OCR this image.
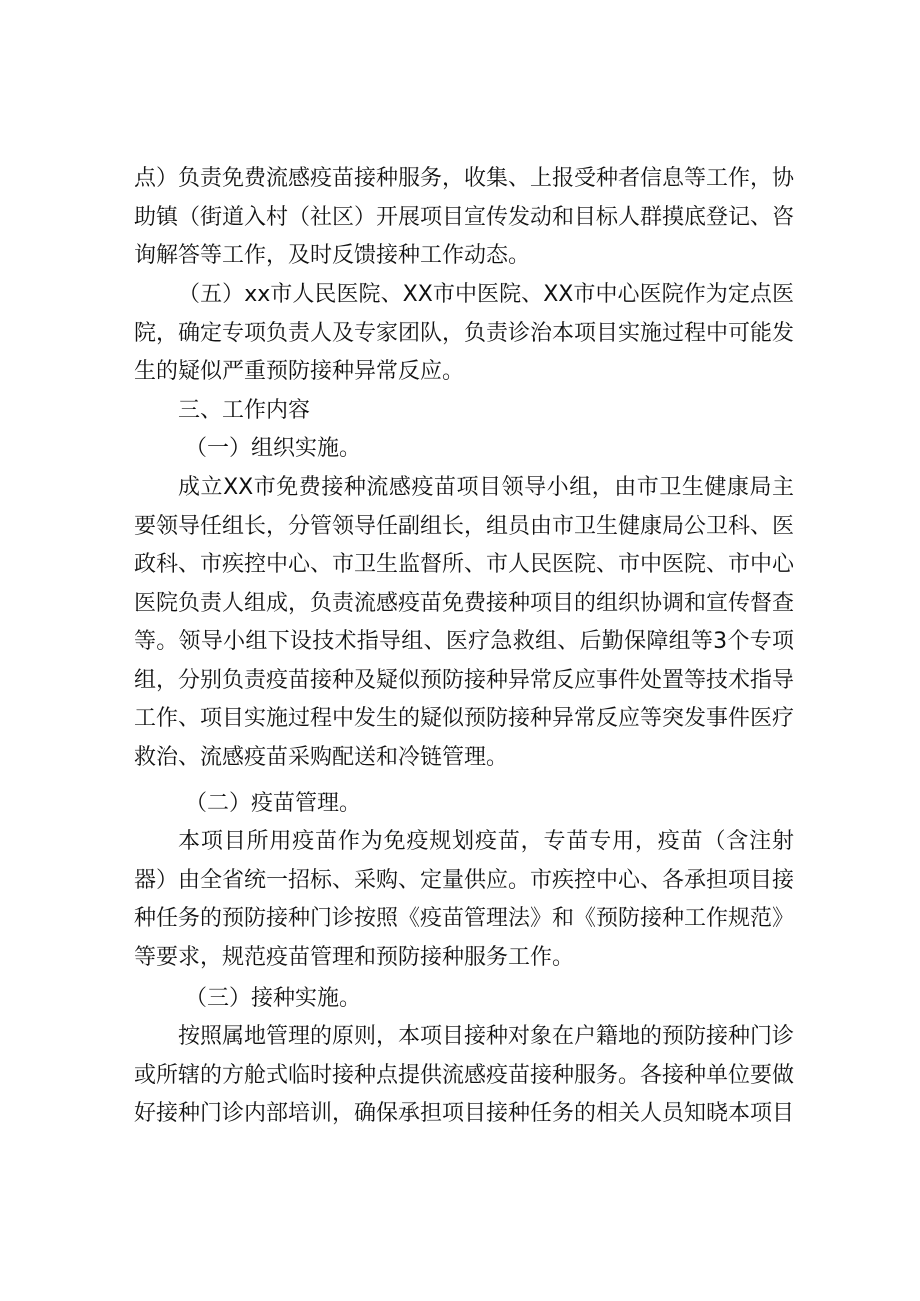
点）负责免费流感疫苗接种服务，收集、上报受种者信息等工作，协助镇（街道入村（社区）开展项目宣传发动和目标人群摸底登记、咨询解答等工作，及时反馈接种工作动态。

（五）xx市人民医院、XX市中医院、XX市中心医院作为定点医院，确定专项负责人及专家团队，负责诊治本项目实施过程中可能发生的疑似严重预防接种异常反应。

三、工作内容

（一）组织实施。

成立XX市免费接种流感疫苗项目领导小组，由市卫生健康局主要领导任组长，分管领导任副组长，组员由市卫生健康局公卫科、医政科、市疾控中心、市卫生监督所、市人民医院、市中医院、市中心医院负责人组成，负责流感疫苗免费接种项目的组织协调和宣传督查等。领导小组下设技术指导组、医疗急救组、后勤保障组等3个专项组，分别负责疫苗接种及疑似预防接种异常反应事件处置等技术指导工作、项目实施过程中发生的疑似预防接种异常反应等突发事件医疗救治、流感疫苗采购配送和冷链管理。

（二）疫苗管理。

本项目所用疫苗作为免疫规划疫苗，专苗专用，疫苗（含注射器）由全省统一招标、采购、定量供应。市疾控中心、各承担项目接种任务的预防接种门诊按照《疫苗管理法》和《预防接种工作规范》等要求，规范疫苗管理和预防接种服务工作。

（三）接种实施。

按照属地管理的原则，本项目接种对象在户籍地的预防接种门诊或所辖的方舱式临时接种点提供流感疫苗接种服务。各接种单位要做好接种门诊内部培训，确保承担项目接种任务的相关人员知晓本项目
